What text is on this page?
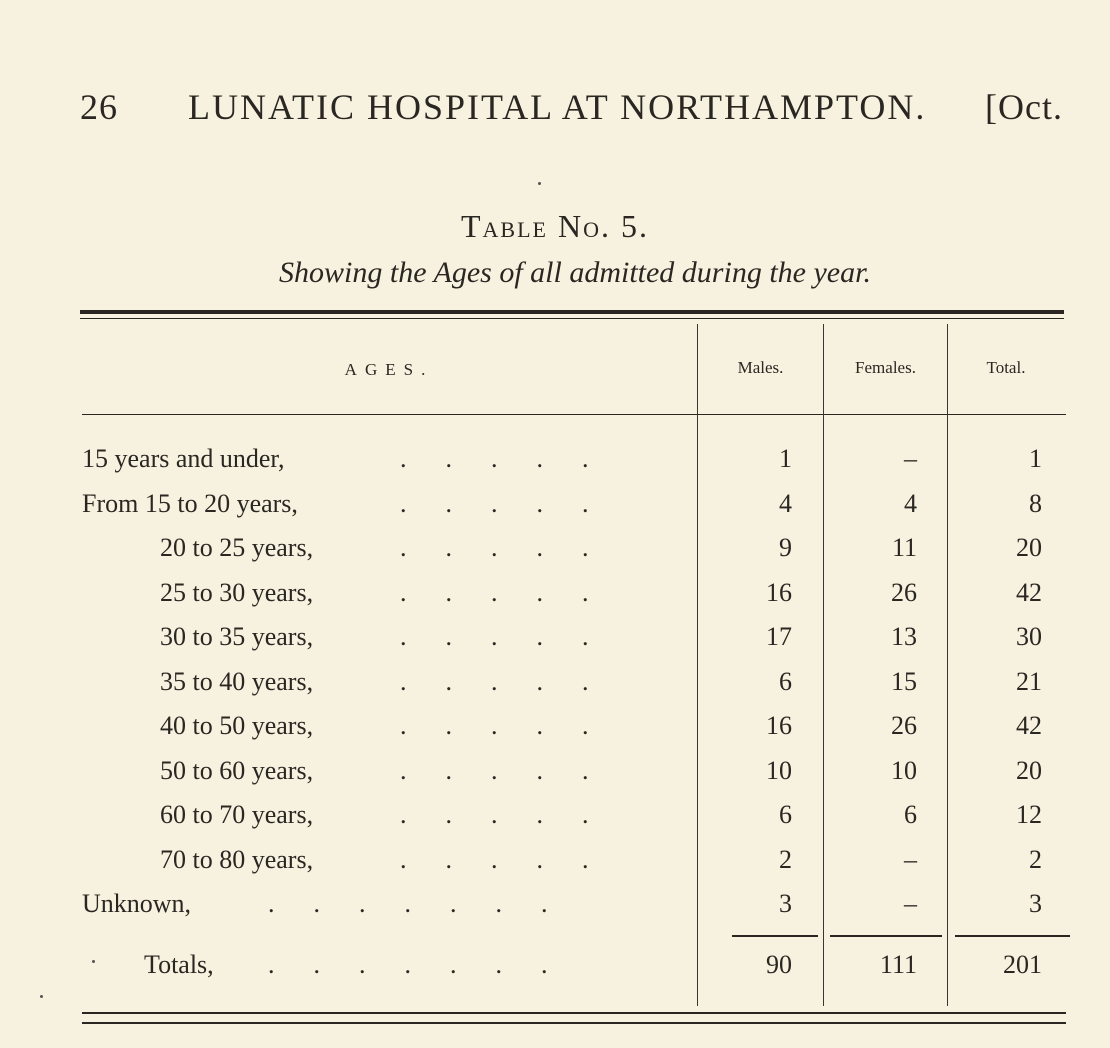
26 LUNATIC HOSPITAL AT NORTHAMPTON. [Oct.
Table No. 5.
Showing the Ages of all admitted during the year.
AGES.	Males.	Females.	Total.
15 years and under,	.  .  .  .  .	1	–	1
From 15 to 20 years,	.  .  .  .  .	4	4	8
20 to 25 years,	.  .  .  .  .	9	11	20
25 to 30 years,	.  .  .  .  .	16	26	42
30 to 35 years,	.  .  .  .  .	17	13	30
35 to 40 years,	.  .  .  .  .	6	15	21
40 to 50 years,	.  .  .  .  .	16	26	42
50 to 60 years,	.  .  .  .  .	10	10	20
60 to 70 years,	.  .  .  .  .	6	6	12
70 to 80 years,	.  .  .  .  .	2	–	2
Unknown,	.  .  .  .  .  .  .	3	–	3
Totals, .  .  .  .  .  .  .	90	111	201
